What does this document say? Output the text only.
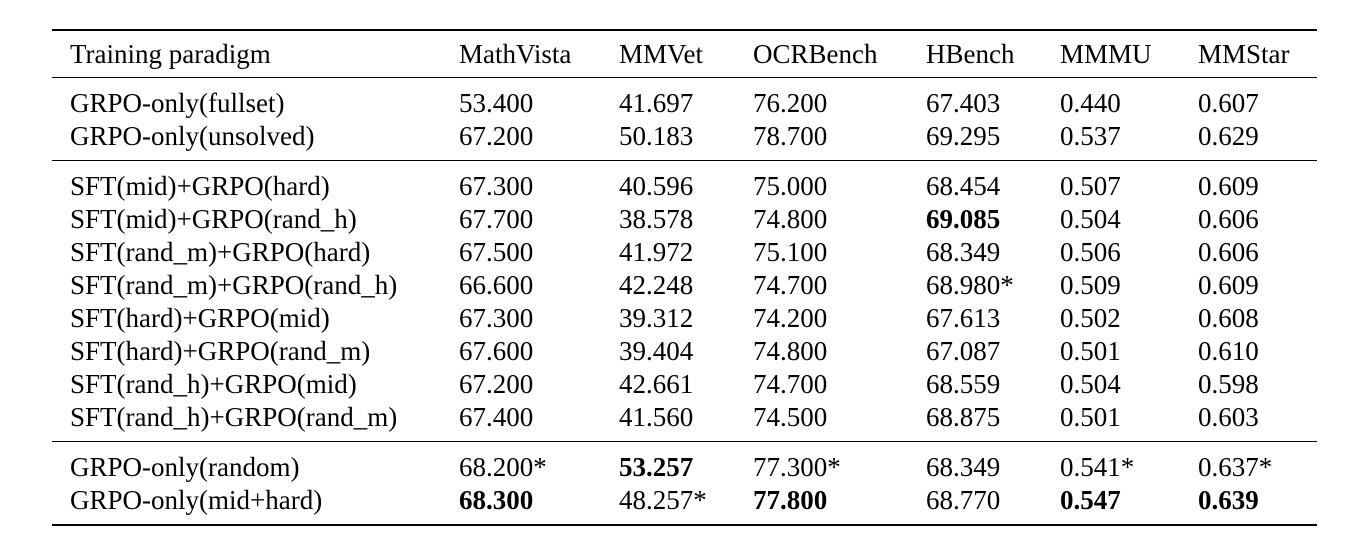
Training paradigm	MathVista	MMVet	OCRBench	HBench	MMMU	MMStar
GRPO-only(fullset)	53.400	41.697	76.200	67.403	0.440	0.607
GRPO-only(unsolved)	67.200	50.183	78.700	69.295	0.537	0.629
SFT(mid)+GRPO(hard)	67.300	40.596	75.000	68.454	0.507	0.609
SFT(mid)+GRPO(rand_h)	67.700	38.578	74.800	69.085	0.504	0.606
SFT(rand_m)+GRPO(hard)	67.500	41.972	75.100	68.349	0.506	0.606
SFT(rand_m)+GRPO(rand_h)	66.600	42.248	74.700	68.980*	0.509	0.609
SFT(hard)+GRPO(mid)	67.300	39.312	74.200	67.613	0.502	0.608
SFT(hard)+GRPO(rand_m)	67.600	39.404	74.800	67.087	0.501	0.610
SFT(rand_h)+GRPO(mid)	67.200	42.661	74.700	68.559	0.504	0.598
SFT(rand_h)+GRPO(rand_m)	67.400	41.560	74.500	68.875	0.501	0.603
GRPO-only(random)	68.200*	53.257	77.300*	68.349	0.541*	0.637*
GRPO-only(mid+hard)	68.300	48.257*	77.800	68.770	0.547	0.639
